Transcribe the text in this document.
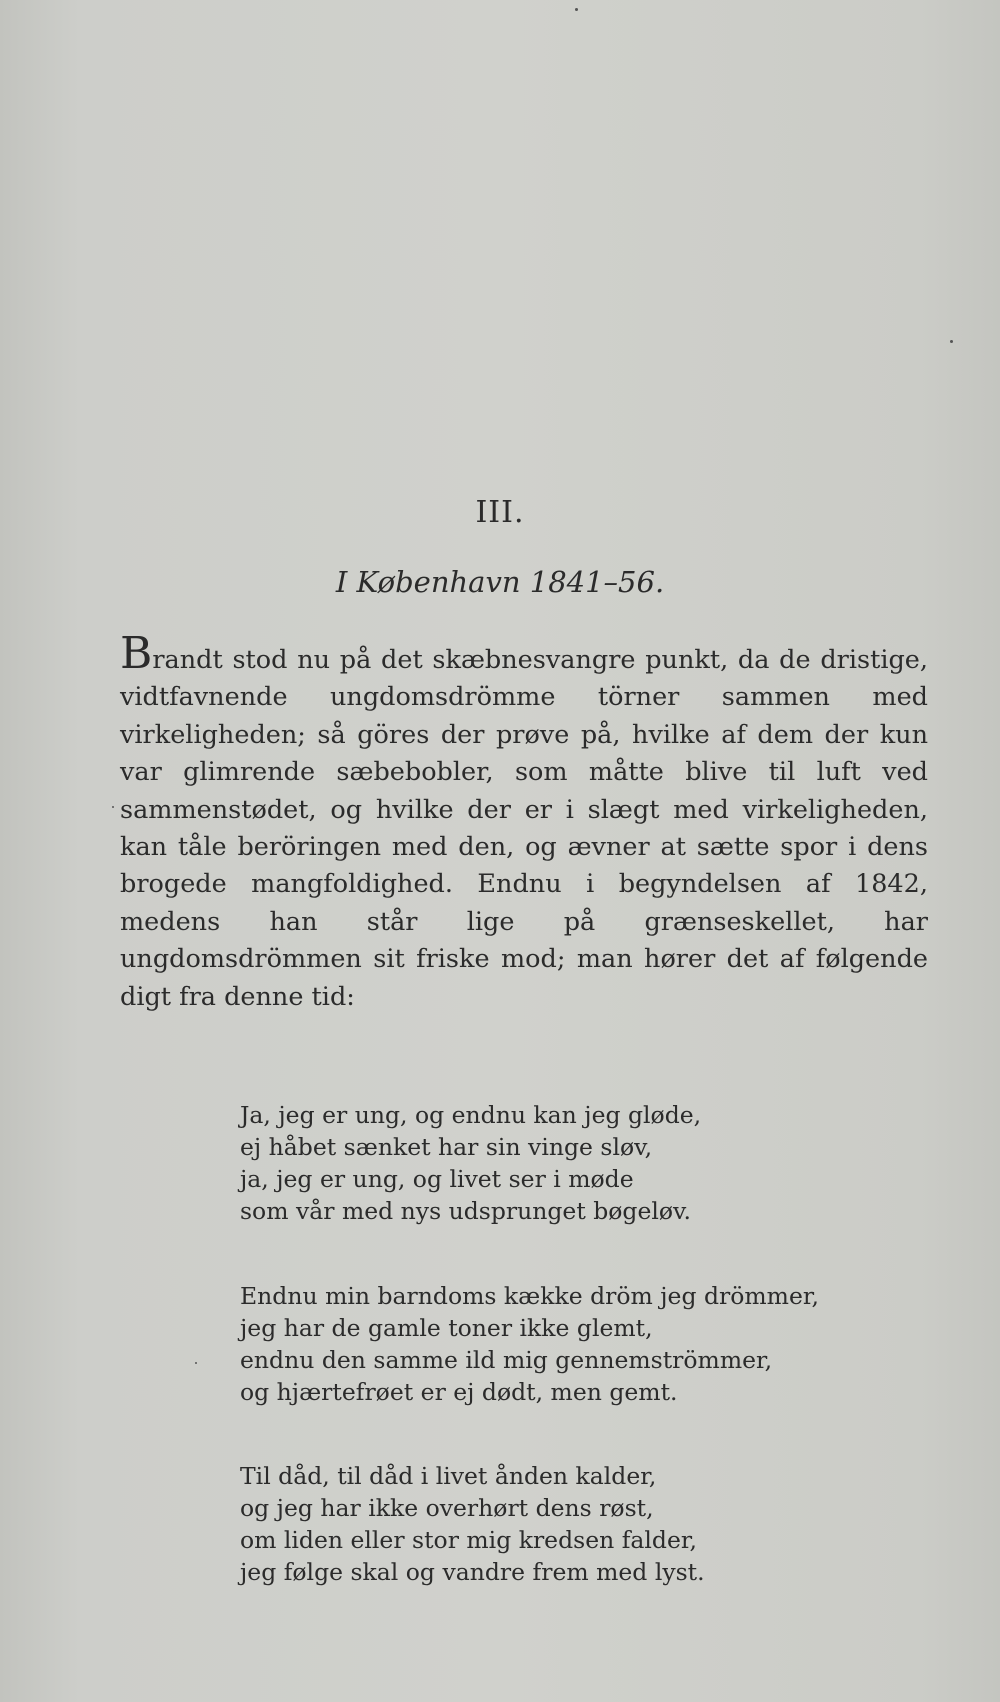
III.
I København 1841–56.

Brandt stod nu på det skæbnesvangre punkt, da de dristige, vidtfavnende ungdomsdrömme törner sammen med virkeligheden; så göres der prøve på, hvilke af dem der kun var glimrende sæbebobler, som måtte blive til luft ved sammenstødet, og hvilke der er i slægt med virkeligheden, kan tåle beröringen med den, og ævner at sætte spor i dens brogede mangfoldighed. Endnu i begyndelsen af 1842, medens han står lige på grænseskellet, har ungdomsdrömmen sit friske mod; man hører det af følgende digt fra denne tid:

Ja, jeg er ung, og endnu kan jeg gløde,
ej håbet sænket har sin vinge sløv,
ja, jeg er ung, og livet ser i møde
som vår med nys udsprunget bøgeløv.
Endnu min barndoms kække dröm jeg drömmer,
jeg har de gamle toner ikke glemt,
endnu den samme ild mig gennemströmmer,
og hjærtefrøet er ej dødt, men gemt.
Til dåd, til dåd i livet ånden kalder,
og jeg har ikke overhørt dens røst,
om liden eller stor mig kredsen falder,
jeg følge skal og vandre frem med lyst.
